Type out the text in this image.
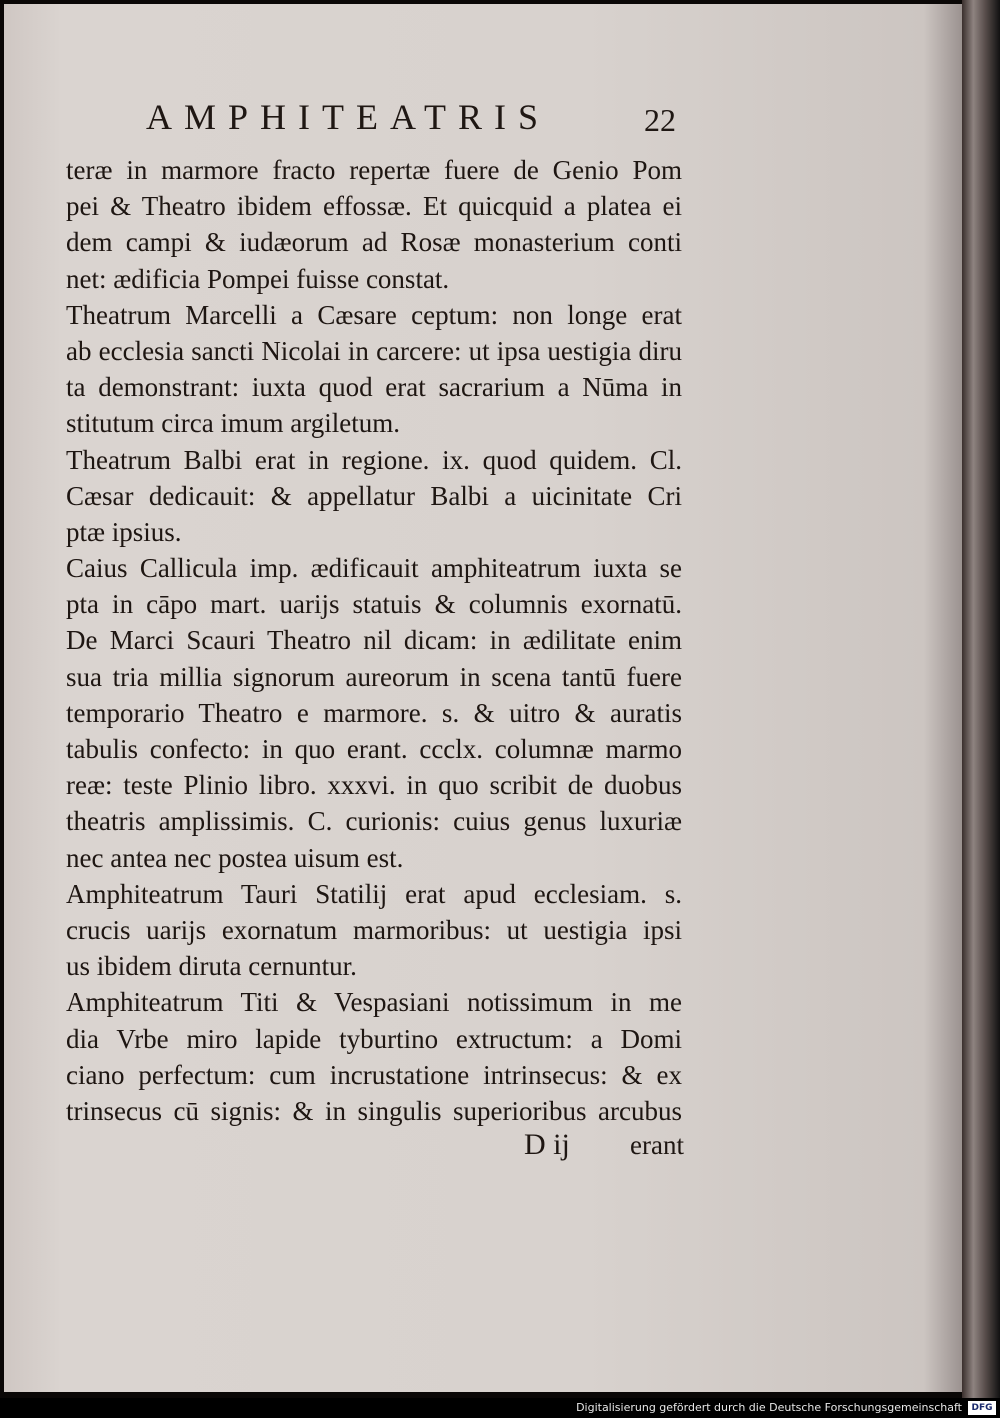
AMPHITEATRIS	22
teræ in marmore fracto repertæ fuere de Genio Pom
pei & Theatro ibidem effossæ. Et quicquid a platea ei
dem campi & iudæorum ad Rosæ monasterium conti
net: ædificia Pompei fuisse constat.
Theatrum Marcelli a Cæsare ceptum: non longe erat
ab ecclesia sancti Nicolai in carcere: ut ipsa uestigia diru
ta demonstrant: iuxta quod erat sacrarium a Nūma in
stitutum circa imum argiletum.
Theatrum Balbi erat in regione. ix. quod quidem. Cl.
Cæsar dedicauit: & appellatur Balbi a uicinitate Cri
ptæ ipsius.
Caius Callicula imp. ædificauit amphiteatrum iuxta se
pta in cāpo mart. uarijs statuis & columnis exornatū.
De Marci Scauri Theatro nil dicam: in ædilitate enim
sua tria millia signorum aureorum in scena tantū fuere
temporario Theatro e marmore. s. & uitro & auratis
tabulis confecto: in quo erant. ccclx. columnæ marmo
reæ: teste Plinio libro. xxxvi. in quo scribit de duobus
theatris amplissimis. C. curionis: cuius genus luxuriæ
nec antea nec postea uisum est.
Amphiteatrum Tauri Statilij erat apud ecclesiam. s.
crucis uarijs exornatum marmoribus: ut uestigia ipsi
us ibidem diruta cernuntur.
Amphiteatrum Titi & Vespasiani notissimum in me
dia Vrbe miro lapide tyburtino extructum: a Domi
ciano perfectum: cum incrustatione intrinsecus: & ex
trinsecus cū signis: & in singulis superioribus arcubus
D ij erant
Digitalisierung gefördert durch die Deutsche Forschungsgemeinschaft	DFG
